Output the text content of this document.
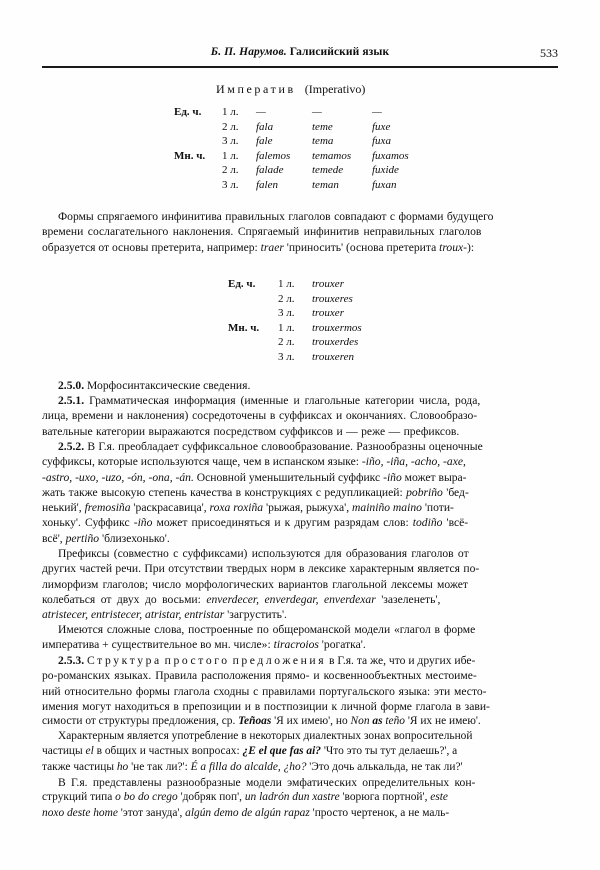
Б. П. Нарумов. Галисийский язык	533
Императив (Imperativo)
Ед. ч. 1 л. —	—	—
2 л. fala	teme	fuxe
3 л. fale	tema	fuxa
Мн. ч. 1 л. falemos temamos fuxamos
2 л. falade	temede	fuxide
3 л. falen	teman	fuxan
Формы спрягаемого инфинитива правильных глаголов совпадают с формами будущего
времени сослагательного наклонения. Спрягаемый инфинитив неправильных глаголов
образуется от основы претерита, например: traer 'приносить' (основа претерита troux-):
Ед. ч. 1 л. trouxer
2 л. trouxeres
3 л. trouxer
Мн. ч. 1 л. trouxermos
2 л. trouxerdes
3 л. trouxeren
2.5.0. Морфосинтаксические сведения.
2.5.1. Грамматическая информация (именные и глагольные категории числа, рода,
лица, времени и наклонения) сосредоточены в суффиксах и окончаниях. Словообразо-
вательные категории выражаются посредством суффиксов и — реже — префиксов.
2.5.2. В Г.я. преобладает суффиксальное словообразование. Разнообразны оценочные
суффиксы, которые используются чаще, чем в испанском языке: -iño, -iña, -acho, -axe,
-astro, -uxo, -uzo, -ón, -ona, -án. Основной уменьшительный суффикс -iño может выра-
жать также высокую степень качества в конструкциях с редупликацией: pobriño 'бед-
неький', fremosiña 'раскрасавица', roxa roxiña 'рыжая, рыжуха', mainiño maino 'поти-
хоньку'. Суффикс -iño может присоединяться и к другим разрядам слов: todiño 'всё-
всё', pertiño 'близехонько'.
Префиксы (совместно с суффиксами) используются для образования глаголов от
других частей речи. При отсутствии твердых норм в лексике характерным является по-
лиморфизм глаголов; число морфологических вариантов глагольной лексемы может
колебаться от двух до восьми: enverdecer, enverdegar, enverdexar 'зазеленеть',
atristecer, entristecer, atristar, entristar 'загрустить'.
Имеются сложные слова, построенные по общероманской модели «глагол в форме
императива + существительное во мн. числе»: tiracroios 'рогатка'.
2.5.3. Структура простого предложения в Г.я. та же, что и других ибе-
ро-романских языках. Правила расположения прямо- и косвеннообъектных местоиме-
ний относительно формы глагола сходны с правилами португальского языка: эти место-
имения могут находиться в препозиции и в постпозиции к личной форме глагола в зави-
симости от структуры предложения, ср. Teñoas 'Я их имею', но Non as teño 'Я их не имею'.
Характерным является употребление в некоторых диалектных зонах вопросительной
частицы el в общих и частных вопросах: ¿E el que fas ai? 'Что это ты тут делаешь?', а
также частицы ho 'не так ли?': É a filla do alcalde, ¿ho? 'Это дочь алькальда, не так ли?'
В Г.я. представлены разнообразные модели эмфатических определительных кон-
струкций типа o bo do crego 'добряк поп', un ladrón dun xastre 'ворюга портной', este
noxo deste home 'этот зануда', algún demo de algún rapaz 'просто чертенок, а не маль-
